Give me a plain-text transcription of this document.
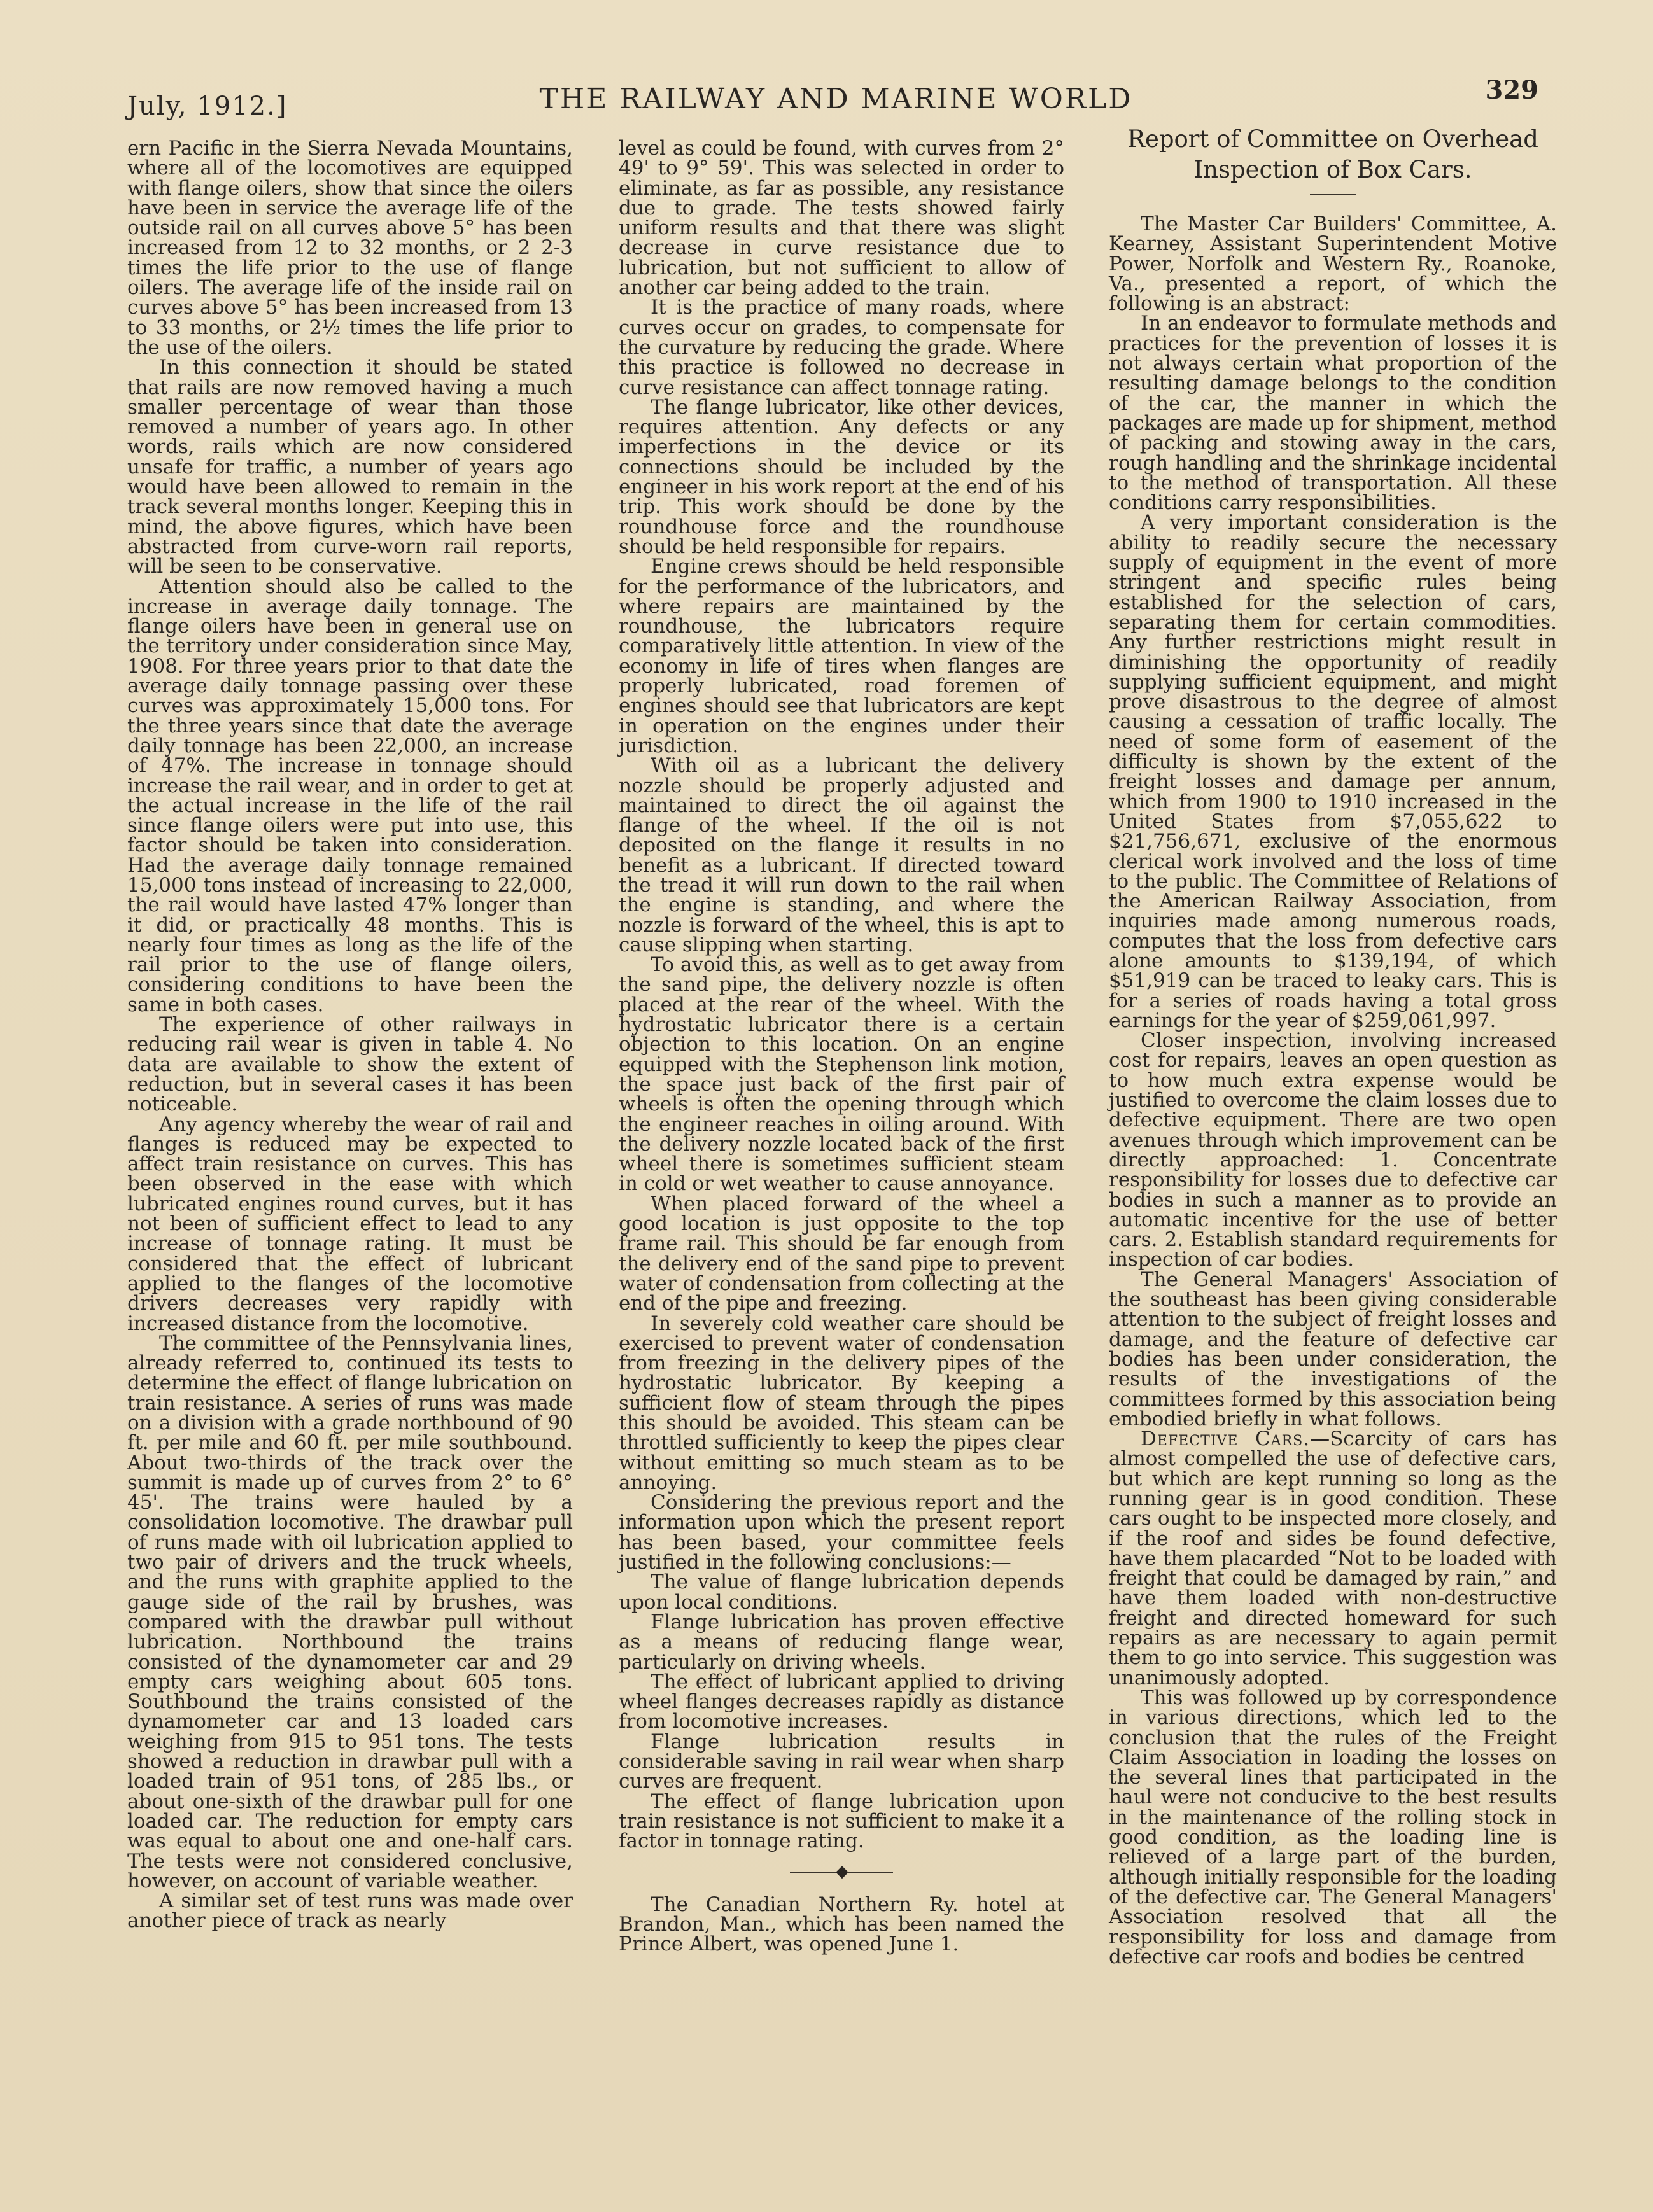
July, 1912.]	THE RAILWAY AND MARINE WORLD	329

ern Pacific in the Sierra Nevada Mountains, where all of the locomotives are equipped with flange oilers, show that since the oilers have been in service the average life of the outside rail on all curves above 5° has been increased from 12 to 32 months, or 2 2-3 times the life prior to the use of flange oilers. The average life of the inside rail on curves above 5° has been increased from 13 to 33 months, or 2½ times the life prior to the use of the oilers.

In this connection it should be stated that rails are now removed having a much smaller percentage of wear than those removed a number of years ago. In other words, rails which are now considered unsafe for traffic, a number of years ago would have been allowed to remain in the track several months longer. Keeping this in mind, the above figures, which have been abstracted from curve-worn rail reports, will be seen to be conservative.

Attention should also be called to the increase in average daily tonnage. The flange oilers have been in general use on the territory under consideration since May, 1908. For three years prior to that date the average daily tonnage passing over these curves was approximately 15,000 tons. For the three years since that date the average daily tonnage has been 22,000, an increase of 47%. The increase in tonnage should increase the rail wear, and in order to get at the actual increase in the life of the rail since flange oilers were put into use, this factor should be taken into consideration. Had the average daily tonnage remained 15,000 tons instead of increasing to 22,000, the rail would have lasted 47% longer than it did, or practically 48 months. This is nearly four times as long as the life of the rail prior to the use of flange oilers, considering conditions to have been the same in both cases.

The experience of other railways in reducing rail wear is given in table 4. No data are available to show the extent of reduction, but in several cases it has been noticeable.

Any agency whereby the wear of rail and flanges is reduced may be expected to affect train resistance on curves. This has been observed in the ease with which lubricated engines round curves, but it has not been of sufficient effect to lead to any increase of tonnage rating. It must be considered that the effect of lubricant applied to the flanges of the locomotive drivers decreases very rapidly with increased distance from the locomotive.

The committee of the Pennsylvania lines, already referred to, continued its tests to determine the effect of flange lubrication on train resistance. A series of runs was made on a division with a grade northbound of 90 ft. per mile and 60 ft. per mile southbound. About two-thirds of the track over the summit is made up of curves from 2° to 6° 45'. The trains were hauled by a consolidation locomotive. The drawbar pull of runs made with oil lubrication applied to two pair of drivers and the truck wheels, and the runs with graphite applied to the gauge side of the rail by brushes, was compared with the drawbar pull without lubrication. Northbound the trains consisted of the dynamometer car and 29 empty cars weighing about 605 tons. Southbound the trains consisted of the dynamometer car and 13 loaded cars weighing from 915 to 951 tons. The tests showed a reduction in drawbar pull with a loaded train of 951 tons, of 285 lbs., or about one-sixth of the drawbar pull for one loaded car. The reduction for empty cars was equal to about one and one-half cars. The tests were not considered conclusive, however, on account of variable weather.

A similar set of test runs was made over another piece of track as nearly

level as could be found, with curves from 2° 49' to 9° 59'. This was selected in order to eliminate, as far as possible, any resistance due to grade. The tests showed fairly uniform results and that there was slight decrease in curve resistance due to lubrication, but not sufficient to allow of another car being added to the train.

It is the practice of many roads, where curves occur on grades, to compensate for the curvature by reducing the grade. Where this practice is followed no decrease in curve resistance can affect tonnage rating.

The flange lubricator, like other devices, requires attention. Any defects or any imperfections in the device or its connections should be included by the engineer in his work report at the end of his trip. This work should be done by the roundhouse force and the roundhouse should be held responsible for repairs.

Engine crews should be held responsible for the performance of the lubricators, and where repairs are maintained by the roundhouse, the lubricators require comparatively little attention. In view of the economy in life of tires when flanges are properly lubricated, road foremen of engines should see that lubricators are kept in operation on the engines under their jurisdiction.

With oil as a lubricant the delivery nozzle should be properly adjusted and maintained to direct the oil against the flange of the wheel. If the oil is not deposited on the flange it results in no benefit as a lubricant. If directed toward the tread it will run down to the rail when the engine is standing, and where the nozzle is forward of the wheel, this is apt to cause slipping when starting.

To avoid this, as well as to get away from the sand pipe, the delivery nozzle is often placed at the rear of the wheel. With the hydrostatic lubricator there is a certain objection to this location. On an engine equipped with the Stephenson link motion, the space just back of the first pair of wheels is often the opening through which the engineer reaches in oiling around. With the delivery nozzle located back of the first wheel there is sometimes sufficient steam in cold or wet weather to cause annoyance.

When placed forward of the wheel a good location is just opposite to the top frame rail. This should be far enough from the delivery end of the sand pipe to prevent water of condensation from collecting at the end of the pipe and freezing.

In severely cold weather care should be exercised to prevent water of condensation from freezing in the delivery pipes of the hydrostatic lubricator. By keeping a sufficient flow of steam through the pipes this should be avoided. This steam can be throttled sufficiently to keep the pipes clear without emitting so much steam as to be annoying.

Considering the previous report and the information upon which the present report has been based, your committee feels justified in the following conclusions:—

The value of flange lubrication depends upon local conditions.

Flange lubrication has proven effective as a means of reducing flange wear, particularly on driving wheels.

The effect of lubricant applied to driving wheel flanges decreases rapidly as distance from locomotive increases.

Flange lubrication results in considerable saving in rail wear when sharp curves are frequent.

The effect of flange lubrication upon train resistance is not sufficient to make it a factor in tonnage rating.

◆

The Canadian Northern Ry. hotel at Brandon, Man., which has been named the Prince Albert, was opened June 1.

Report of Committee on Overhead Inspection of Box Cars.

The Master Car Builders' Committee, A. Kearney, Assistant Superintendent Motive Power, Norfolk and Western Ry., Roanoke, Va., presented a report, of which the following is an abstract:

In an endeavor to formulate methods and practices for the prevention of losses it is not always certain what proportion of the resulting damage belongs to the condition of the car, the manner in which the packages are made up for shipment, method of packing and stowing away in the cars, rough handling and the shrinkage incidental to the method of transportation. All these conditions carry responsibilities.

A very important consideration is the ability to readily secure the necessary supply of equipment in the event of more stringent and specific rules being established for the selection of cars, separating them for certain commodities. Any further restrictions might result in diminishing the opportunity of readily supplying sufficient equipment, and might prove disastrous to the degree of almost causing a cessation of traffic locally. The need of some form of easement of the difficulty is shown by the extent of the freight losses and damage per annum, which from 1900 to 1910 increased in the United States from $7,055,622 to $21,756,671, exclusive of the enormous clerical work involved and the loss of time to the public. The Committee of Relations of the American Railway Association, from inquiries made among numerous roads, computes that the loss from defective cars alone amounts to $139,194, of which $51,919 can be traced to leaky cars. This is for a series of roads having a total gross earnings for the year of $259,061,997.

Closer inspection, involving increased cost for repairs, leaves an open question as to how much extra expense would be justified to overcome the claim losses due to defective equipment. There are two open avenues through which improvement can be directly approached: 1. Concentrate responsibility for losses due to defective car bodies in such a manner as to provide an automatic incentive for the use of better cars. 2. Establish standard requirements for inspection of car bodies.

The General Managers' Association of the southeast has been giving considerable attention to the subject of freight losses and damage, and the feature of defective car bodies has been under consideration, the results of the investigations of the committees formed by this association being embodied briefly in what follows.

Defective Cars.—Scarcity of cars has almost compelled the use of defective cars, but which are kept running so long as the running gear is in good condition. These cars ought to be inspected more closely, and if the roof and sides be found defective, have them placarded “Not to be loaded with freight that could be damaged by rain,” and have them loaded with non-destructive freight and directed homeward for such repairs as are necessary to again permit them to go into service. This suggestion was unanimously adopted.

This was followed up by correspondence in various directions, which led to the conclusion that the rules of the Freight Claim Association in loading the losses on the several lines that participated in the haul were not conducive to the best results in the maintenance of the rolling stock in good condition, as the loading line is relieved of a large part of the burden, although initially responsible for the loading of the defective car. The General Managers' Association resolved that all the responsibility for loss and damage from defective car roofs and bodies be centred
